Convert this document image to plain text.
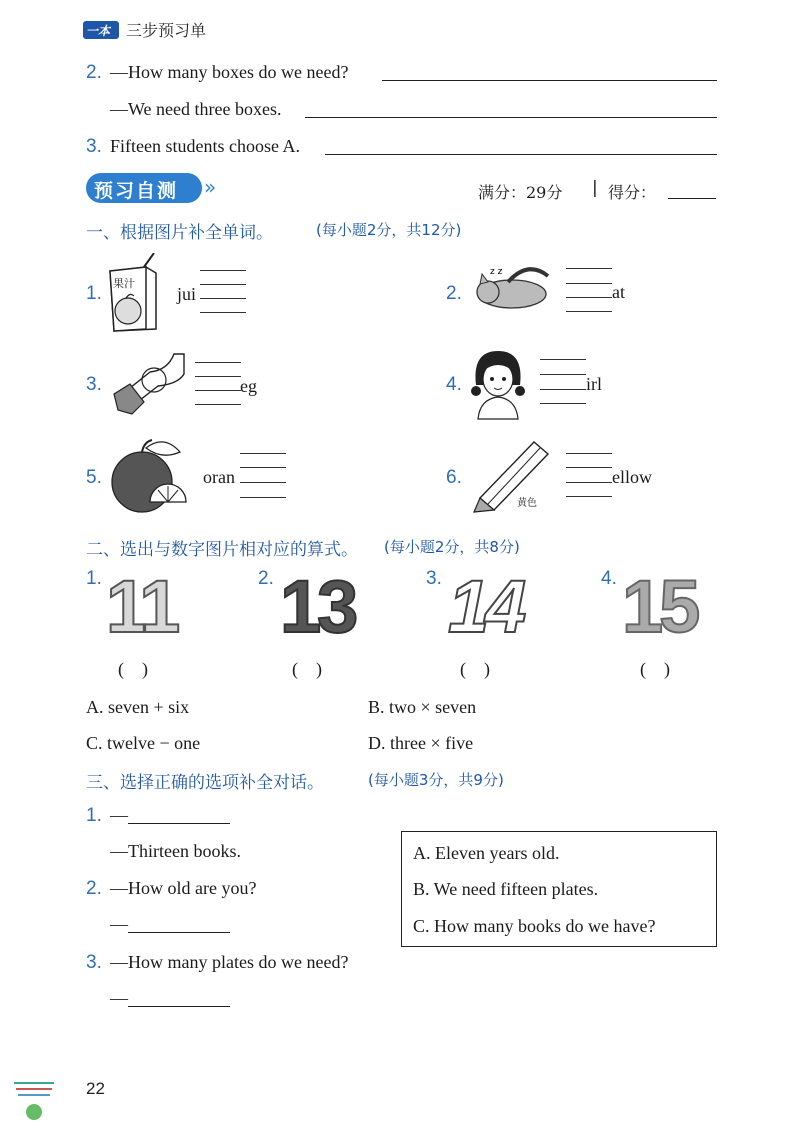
一本 三步预习单
2. —How many boxes do we need?
—We need three boxes.
3. Fifteen students choose A.
预习自测 »	满分：29分 | 得分：
一、根据图片补全单词。	(每小题2分，共12分)
1. 果汁
jui	2.
z z
at
3.	eg	4.	irl
5.	oran	6.
黄色
ellow
二、选出与数字图片相对应的算式。 (每小题2分，共8分)
1. 11
(    )
2. 13
(    )
3. 14
(    )
4. 15
(    )
A. seven + six	B. two × seven
C. twelve − one	D. three × five
三、选择正确的选项补全对话。	(每小题3分，共9分)
1. —
—Thirteen books.
2. —How old are you?
—
3. —How many plates do we need?
—
A. Eleven years old.
B. We need fifteen plates.
C. How many books do we have?
22
